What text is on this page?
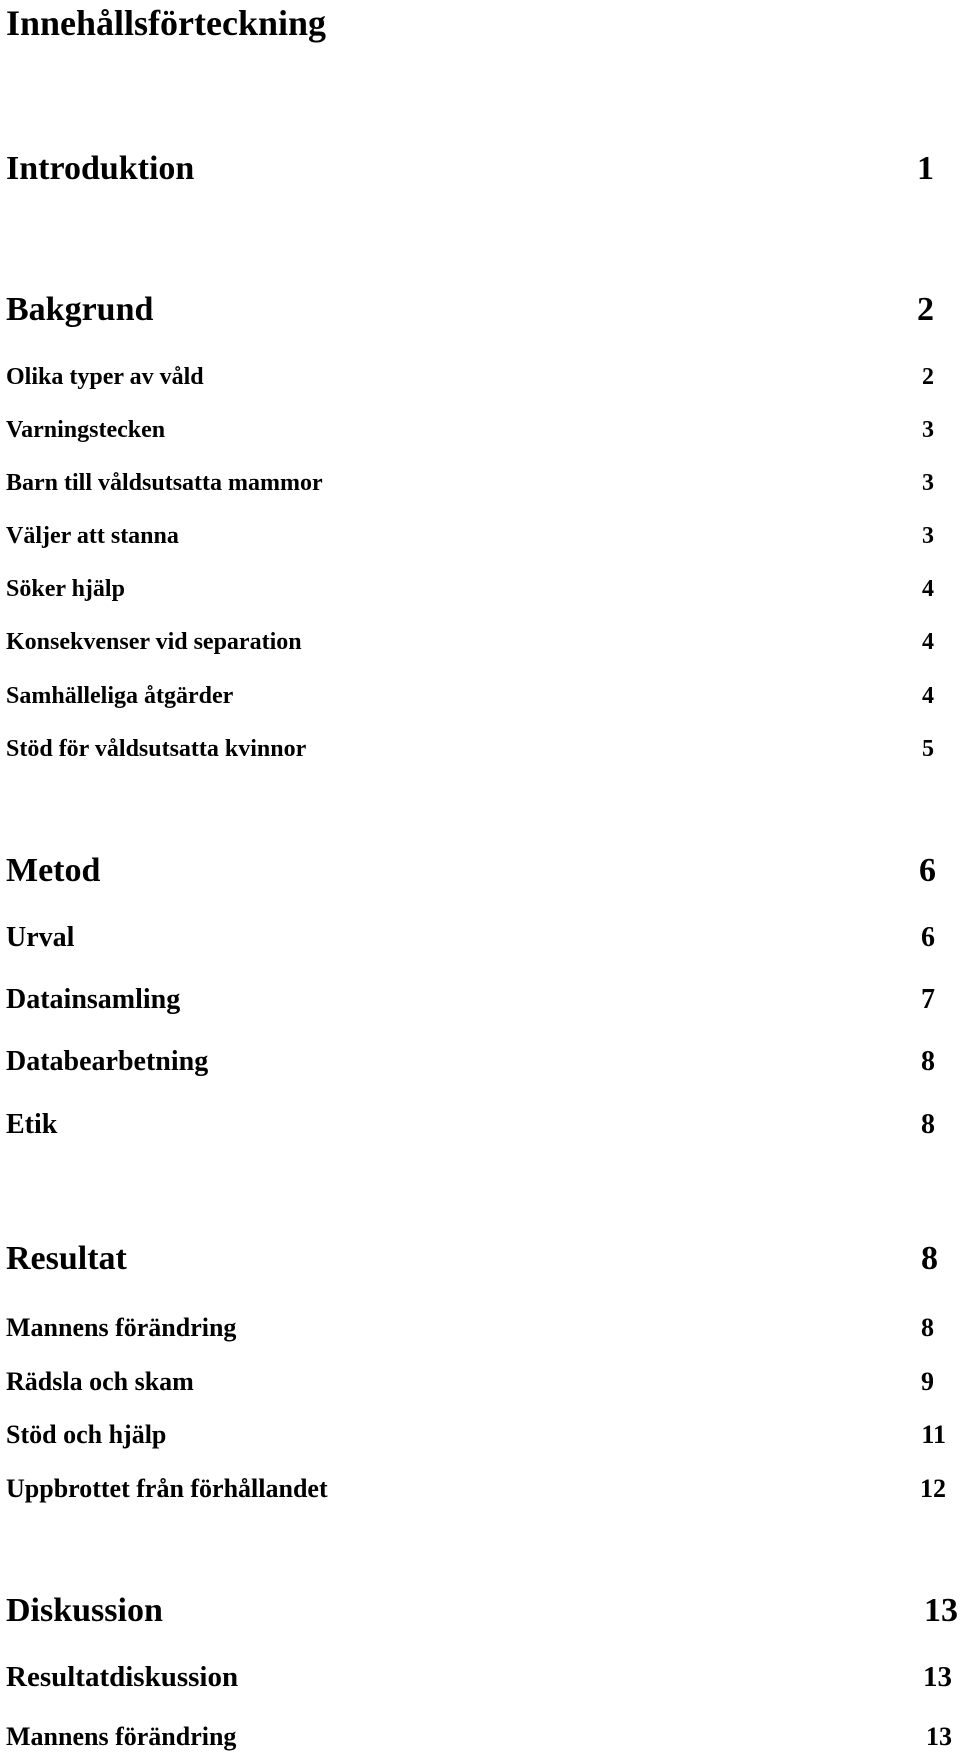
Innehållsförteckning
Introduktion	1
Bakgrund	2
Olika typer av våld	2
Varningstecken	3
Barn till våldsutsatta mammor	3
Väljer att stanna	3
Söker hjälp	4
Konsekvenser vid separation	4
Samhälleliga åtgärder	4
Stöd för våldsutsatta kvinnor	5
Metod	6
Urval	6
Datainsamling	7
Databearbetning	8
Etik	8
Resultat	8
Mannens förändring	8
Rädsla och skam	9
Stöd och hjälp	11
Uppbrottet från förhållandet	12
Diskussion	13
Resultatdiskussion	13
Mannens förändring	13
